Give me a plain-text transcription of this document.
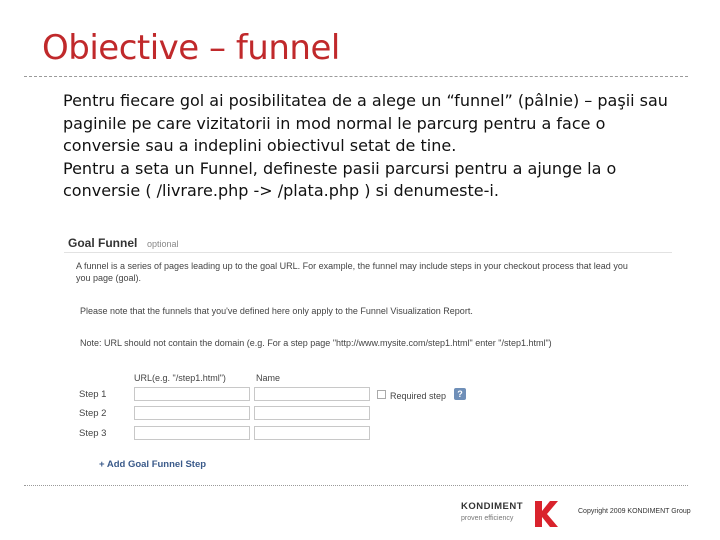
Obiective – funnel

Pentru fiecare gol ai posibilitatea de a alege un “funnel” (pâlnie) – paşii sau paginile pe care vizitatorii in mod normal le parcurg pentru a face o conversie sau a indeplini obiectivul setat de tine.

Pentru a seta un Funnel, defineste pasii parcursi pentru a ajunge la o conversie ( /livrare.php -> /plata.php ) si denumeste-i.

Goal Funnel optional
A funnel is a series of pages leading up to the goal URL. For example, the funnel may include steps in your checkout process that lead you
you page (goal).
Please note that the funnels that you've defined here only apply to the Funnel Visualization Report.
Note: URL should not contain the domain (e.g. For a step page "http://www.mysite.com/step1.html" enter "/step1.html")
URL(e.g. "/step1.html")	Name
Step 1	Required step	?
Step 2
Step 3
+ Add Goal Funnel Step
KONDIMENT
proven efficiency
Copyright 2009 KONDIMENT Group
